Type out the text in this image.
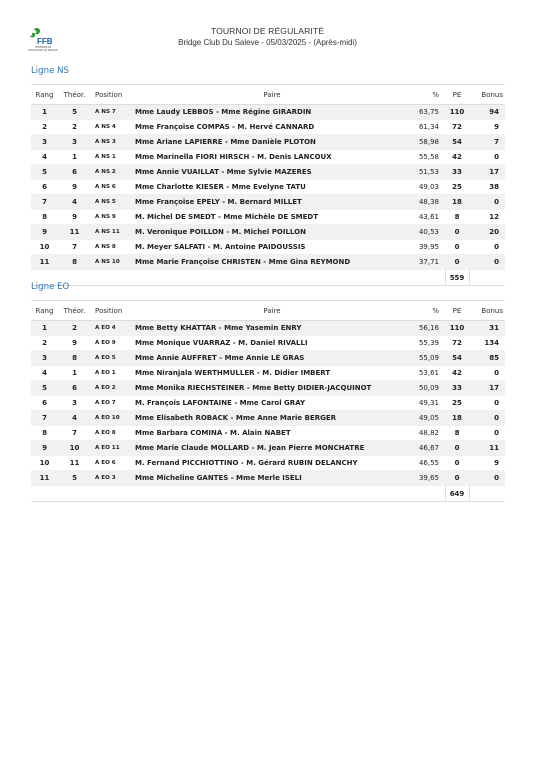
FFB
FÉDÉRATION FRANÇAISE DE BRIDGE
TOURNOI DE RÉGULARITÉ
Bridge Club Du Saleve - 05/03/2025 - (Après-midi)
Ligne NS
Rang	Théor.	Position	Paire	%	PE	Bonus
1	5	A NS 7	Mme Laudy LEBBOS - Mme Régine GIRARDIN	63,75	110	94
2	2	A NS 4	Mme Françoise COMPAS - M. Hervé CANNARD	61,34	72	9
3	3	A NS 3	Mme Ariane LAPIERRE - Mme Danièle PLOTON	58,98	54	7
4	1	A NS 1	Mme Marinella FIORI HIRSCH - M. Denis LANCOUX	55,58	42	0
5	6	A NS 2	Mme Annie VUAILLAT - Mme Sylvie MAZERES	51,53	33	17
6	9	A NS 6	Mme Charlotte KIESER - Mme Evelyne TATU	49,03	25	38
7	4	A NS 5	Mme Françoise EPELY - M. Bernard MILLET	48,38	18	0
8	9	A NS 9	M. Michel DE SMEDT - Mme Michèle DE SMEDT	43,61	8	12
9	11	A NS 11	M. Veronique POILLON - M. Michel POILLON	40,53	0	20
10	7	A NS 8	M. Meyer SALFATI - M. Antoine PAIDOUSSIS	39,95	0	0
11	8	A NS 10	Mme Marie Françoise CHRISTEN - Mme Gina REYMOND	37,71	0	0
					559	
Ligne EO
Rang	Théor.	Position	Paire	%	PE	Bonus
1	2	A EO 4	Mme Betty KHATTAR - Mme Yasemin ENRY	56,16	110	31
2	9	A EO 9	Mme Monique VUARRAZ - M. Daniel RIVALLI	55,39	72	134
3	8	A EO 5	Mme Annie AUFFRET - Mme Annie LE GRAS	55,09	54	85
4	1	A EO 1	Mme Niranjala WERTHMULLER - M. Didier IMBERT	53,61	42	0
5	6	A EO 2	Mme Monika RIECHSTEINER - Mme Betty DIDIER-JACQUINOT	50,09	33	17
6	3	A EO 7	M. François LAFONTAINE - Mme Carol GRAY	49,31	25	0
7	4	A EO 10	Mme Elisabeth ROBACK - Mme Anne Marie BERGER	49,05	18	0
8	7	A EO 8	Mme Barbara COMINA - M. Alain NABET	48,82	8	0
9	10	A EO 11	Mme Marie Claude MOLLARD - M. Jean Pierre MONCHATRE	46,67	0	11
10	11	A EO 6	M. Fernand PICCHIOTTINO - M. Gérard RUBIN DELANCHY	46,55	0	9
11	5	A EO 3	Mme Micheline GANTES - Mme Merle ISELI	39,65	0	0
					649	
